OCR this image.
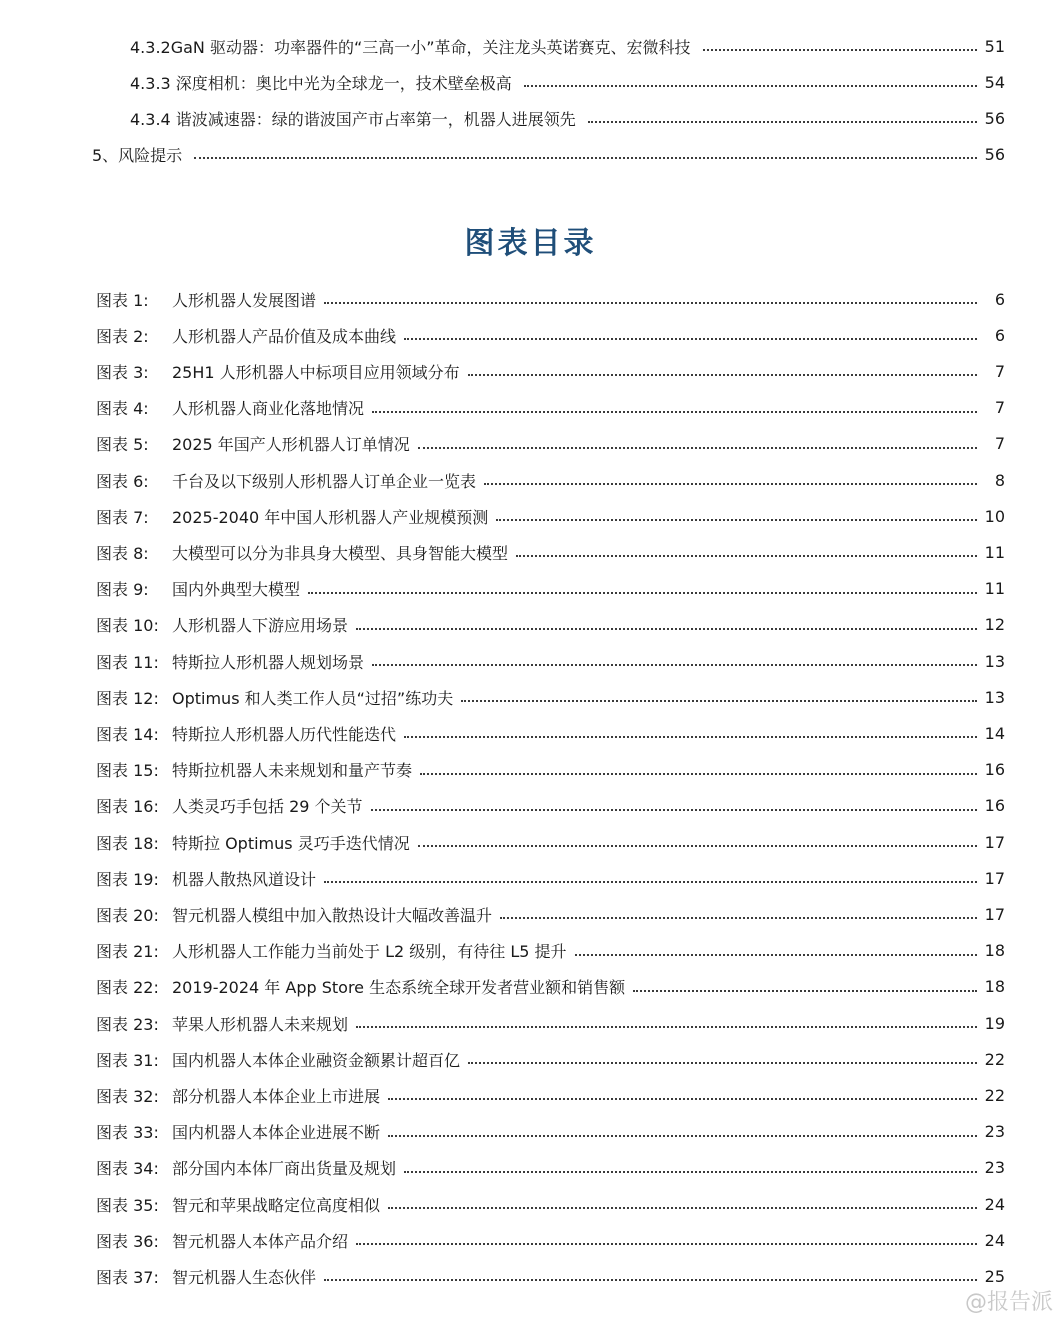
4.3.2GaN 驱动器：功率器件的“三高一小”革命，关注龙头英诺赛克、宏微科技	51
4.3.3 深度相机：奥比中光为全球龙一，技术壁垒极高	54
4.3.4 谐波减速器：绿的谐波国产市占率第一，机器人进展领先	56
5、风险提示	56
图表目录
图表 1:	人形机器人发展图谱	6
图表 2:	人形机器人产品价值及成本曲线	6
图表 3:	25H1 人形机器人中标项目应用领域分布	7
图表 4:	人形机器人商业化落地情况	7
图表 5:	2025 年国产人形机器人订单情况	7
图表 6:	千台及以下级别人形机器人订单企业一览表	8
图表 7:	2025-2040 年中国人形机器人产业规模预测	10
图表 8:	大模型可以分为非具身大模型、具身智能大模型	11
图表 9:	国内外典型大模型	11
图表 10: 人形机器人下游应用场景	12
图表 11: 特斯拉人形机器人规划场景	13
图表 12: Optimus 和人类工作人员“过招”练功夫	13
图表 14: 特斯拉人形机器人历代性能迭代	14
图表 15: 特斯拉机器人未来规划和量产节奏	16
图表 16: 人类灵巧手包括 29 个关节	16
图表 18: 特斯拉 Optimus 灵巧手迭代情况	17
图表 19: 机器人散热风道设计	17
图表 20: 智元机器人模组中加入散热设计大幅改善温升	17
图表 21: 人形机器人工作能力当前处于 L2 级别，有待往 L5 提升	18
图表 22: 2019-2024 年 App Store 生态系统全球开发者营业额和销售额	18
图表 23: 苹果人形机器人未来规划	19
图表 31: 国内机器人本体企业融资金额累计超百亿	22
图表 32: 部分机器人本体企业上市进展	22
图表 33: 国内机器人本体企业进展不断	23
图表 34: 部分国内本体厂商出货量及规划	23
图表 35: 智元和苹果战略定位高度相似	24
图表 36: 智元机器人本体产品介绍	24
图表 37: 智元机器人生态伙伴	25
@报告派
